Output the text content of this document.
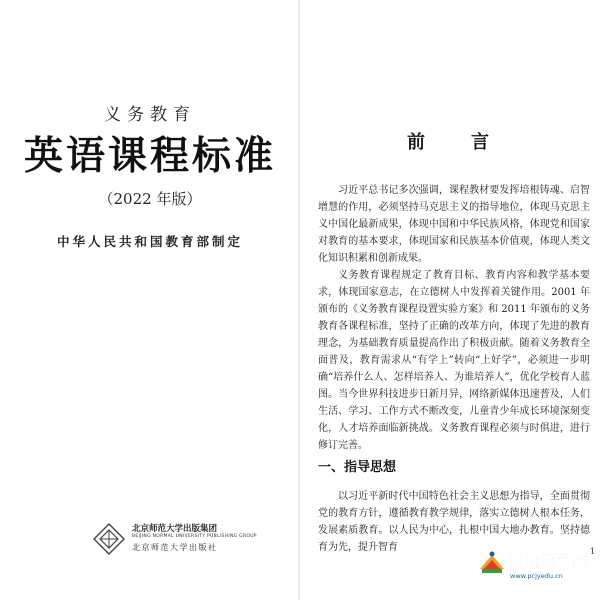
义务教育
英语课程标准
（2022 年版）
中华人民共和国教育部制定
北京师范大学出版集团
BEIJING NORMAL UNIVERSITY PUBLISHING GROUP
北京师范大学出版社
前　言

习近平总书记多次强调，课程教材要发挥培根铸魂、启智增慧的作用，必须坚持马克思主义的指导地位，体现马克思主义中国化最新成果，体现中国和中华民族风格，体现党和国家对教育的基本要求，体现国家和民族基本价值观，体现人类文化知识积累和创新成果。

义务教育课程规定了教育目标、教育内容和教学基本要求，体现国家意志，在立德树人中发挥着关键作用。2001 年颁布的《义务教育课程设置实验方案》和 2011 年颁布的义务教育各课程标准，坚持了正确的改革方向，体现了先进的教育理念，为基础教育质量提高作出了积极贡献。随着义务教育全面普及，教育需求从“有学上”转向“上好学”，必须进一步明确“培养什么人、怎样培养人、为谁培养人”，优化学校育人蓝图。当今世界科技进步日新月异，网络新媒体迅速普及，人们生活、学习、工作方式不断改变，儿童青少年成长环境深刻变化，人才培养面临新挑战。义务教育课程必须与时俱进，进行修订完善。

一、指导思想

以习近平新时代中国特色社会主义思想为指导，全面贯彻党的教育方针，遵循教育教学规律，落实立德树人根本任务，发展素质教育。以人民为中心，扎根中国大地办教育。坚持德育为先，提升智育	1
彭城教育网
www.pcjyedu.cn
